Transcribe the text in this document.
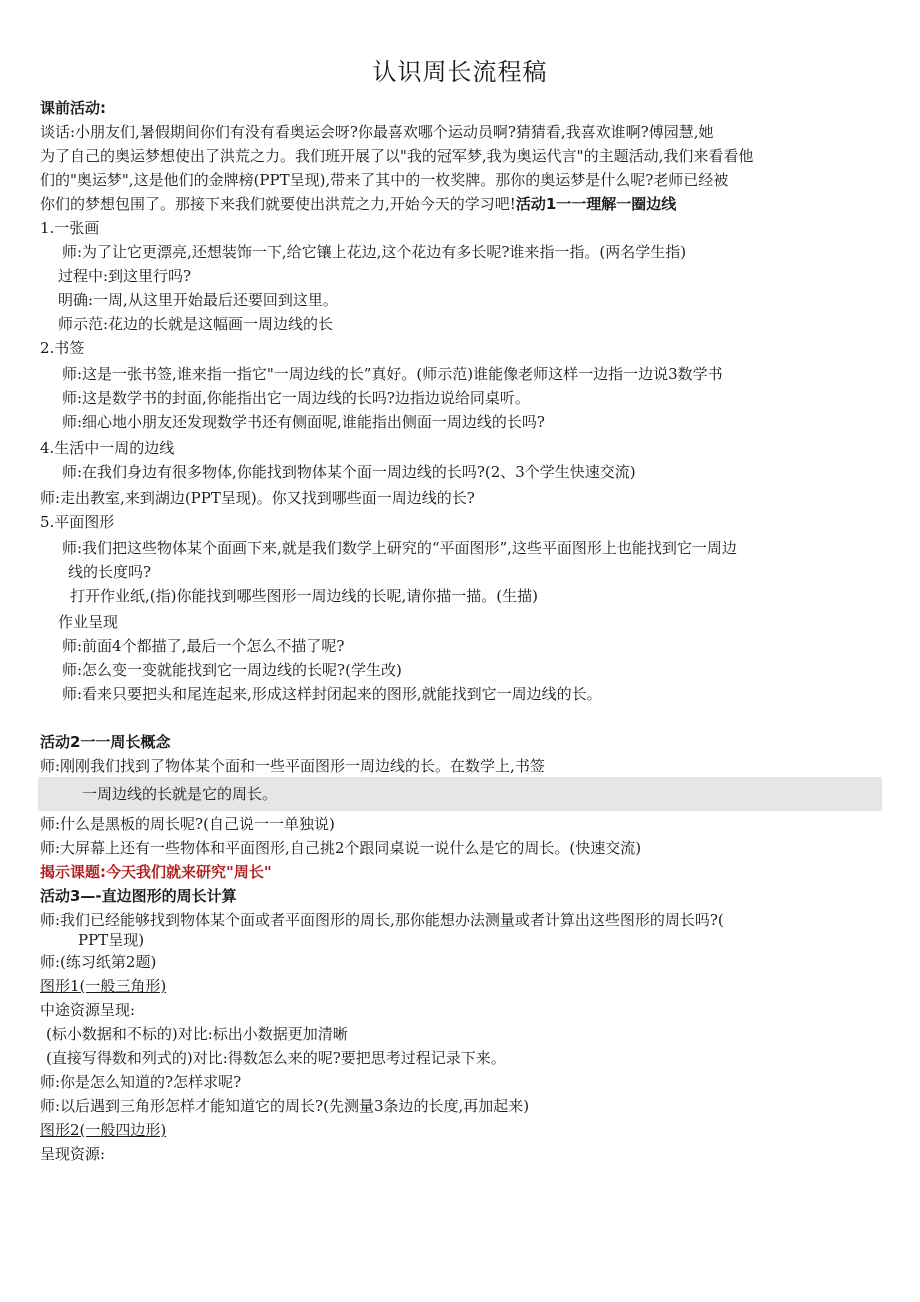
认识周长流程稿
课前活动:
谈话:小朋友们,暑假期间你们有没有看奥运会呀?你最喜欢哪个运动员啊?猜猜看,我喜欢谁啊?傅园慧,她
为了自己的奥运梦想使出了洪荒之力。我们班开展了以"我的冠军梦,我为奥运代言"的主题活动,我们来看看他
们的"奥运梦",这是他们的金牌榜(PPT呈现),带来了其中的一枚奖牌。那你的奥运梦是什么呢?老师已经被
你们的梦想包围了。那接下来我们就要使出洪荒之力,开始今天的学习吧!活动1一一理解一圈边线
1.一张画
师:为了让它更漂亮,还想装饰一下,给它镶上花边,这个花边有多长呢?谁来指一指。(两名学生指)
过程中:到这里行吗?
明确:一周,从这里开始最后还要回到这里。
师示范:花边的长就是这幅画一周边线的长
2.书签
师:这是一张书签,谁来指一指它"一周边线的长”真好。(师示范)谁能像老师这样一边指一边说3数学书
师:这是数学书的封面,你能指出它一周边线的长吗?边指边说给同桌听。
师:细心地小朋友还发现数学书还有侧面呢,谁能指出侧面一周边线的长吗?
4.生活中一周的边线
师:在我们身边有很多物体,你能找到物体某个面一周边线的长吗?(2、3个学生快速交流)
师:走出教室,来到湖边(PPT呈现)。你又找到哪些面一周边线的长?
5.平面图形
师:我们把这些物体某个面画下来,就是我们数学上研究的“平面图形”,这些平面图形上也能找到它一周边
线的长度吗?
打开作业纸,(指)你能找到哪些图形一周边线的长呢,请你描一描。(生描)
作业呈现
师:前面4个都描了,最后一个怎么不描了呢?
师:怎么变一变就能找到它一周边线的长呢?(学生改)
师:看来只要把头和尾连起来,形成这样封闭起来的图形,就能找到它一周边线的长。
活动2一一周长概念
师:刚刚我们找到了物体某个面和一些平面图形一周边线的长。在数学上,书签
一周边线的长就是它的周长。
师:什么是黑板的周长呢?(自己说一一单独说)
师:大屏幕上还有一些物体和平面图形,自己挑2个跟同桌说一说什么是它的周长。(快速交流)
揭示课题:今天我们就来研究"周长"
活动3—-直边图形的周长计算
师:我们已经能够找到物体某个面或者平面图形的周长,那你能想办法测量或者计算出这些图形的周长吗?(
PPT呈现)
师:(练习纸第2题)
图形1(一般三角形)
中途资源呈现:
(标小数据和不标的)对比:标出小数据更加清晰
(直接写得数和列式的)对比:得数怎么来的呢?要把思考过程记录下来。
师:你是怎么知道的?怎样求呢?
师:以后遇到三角形怎样才能知道它的周长?(先测量3条边的长度,再加起来)
图形2(一般四边形)
呈现资源:
